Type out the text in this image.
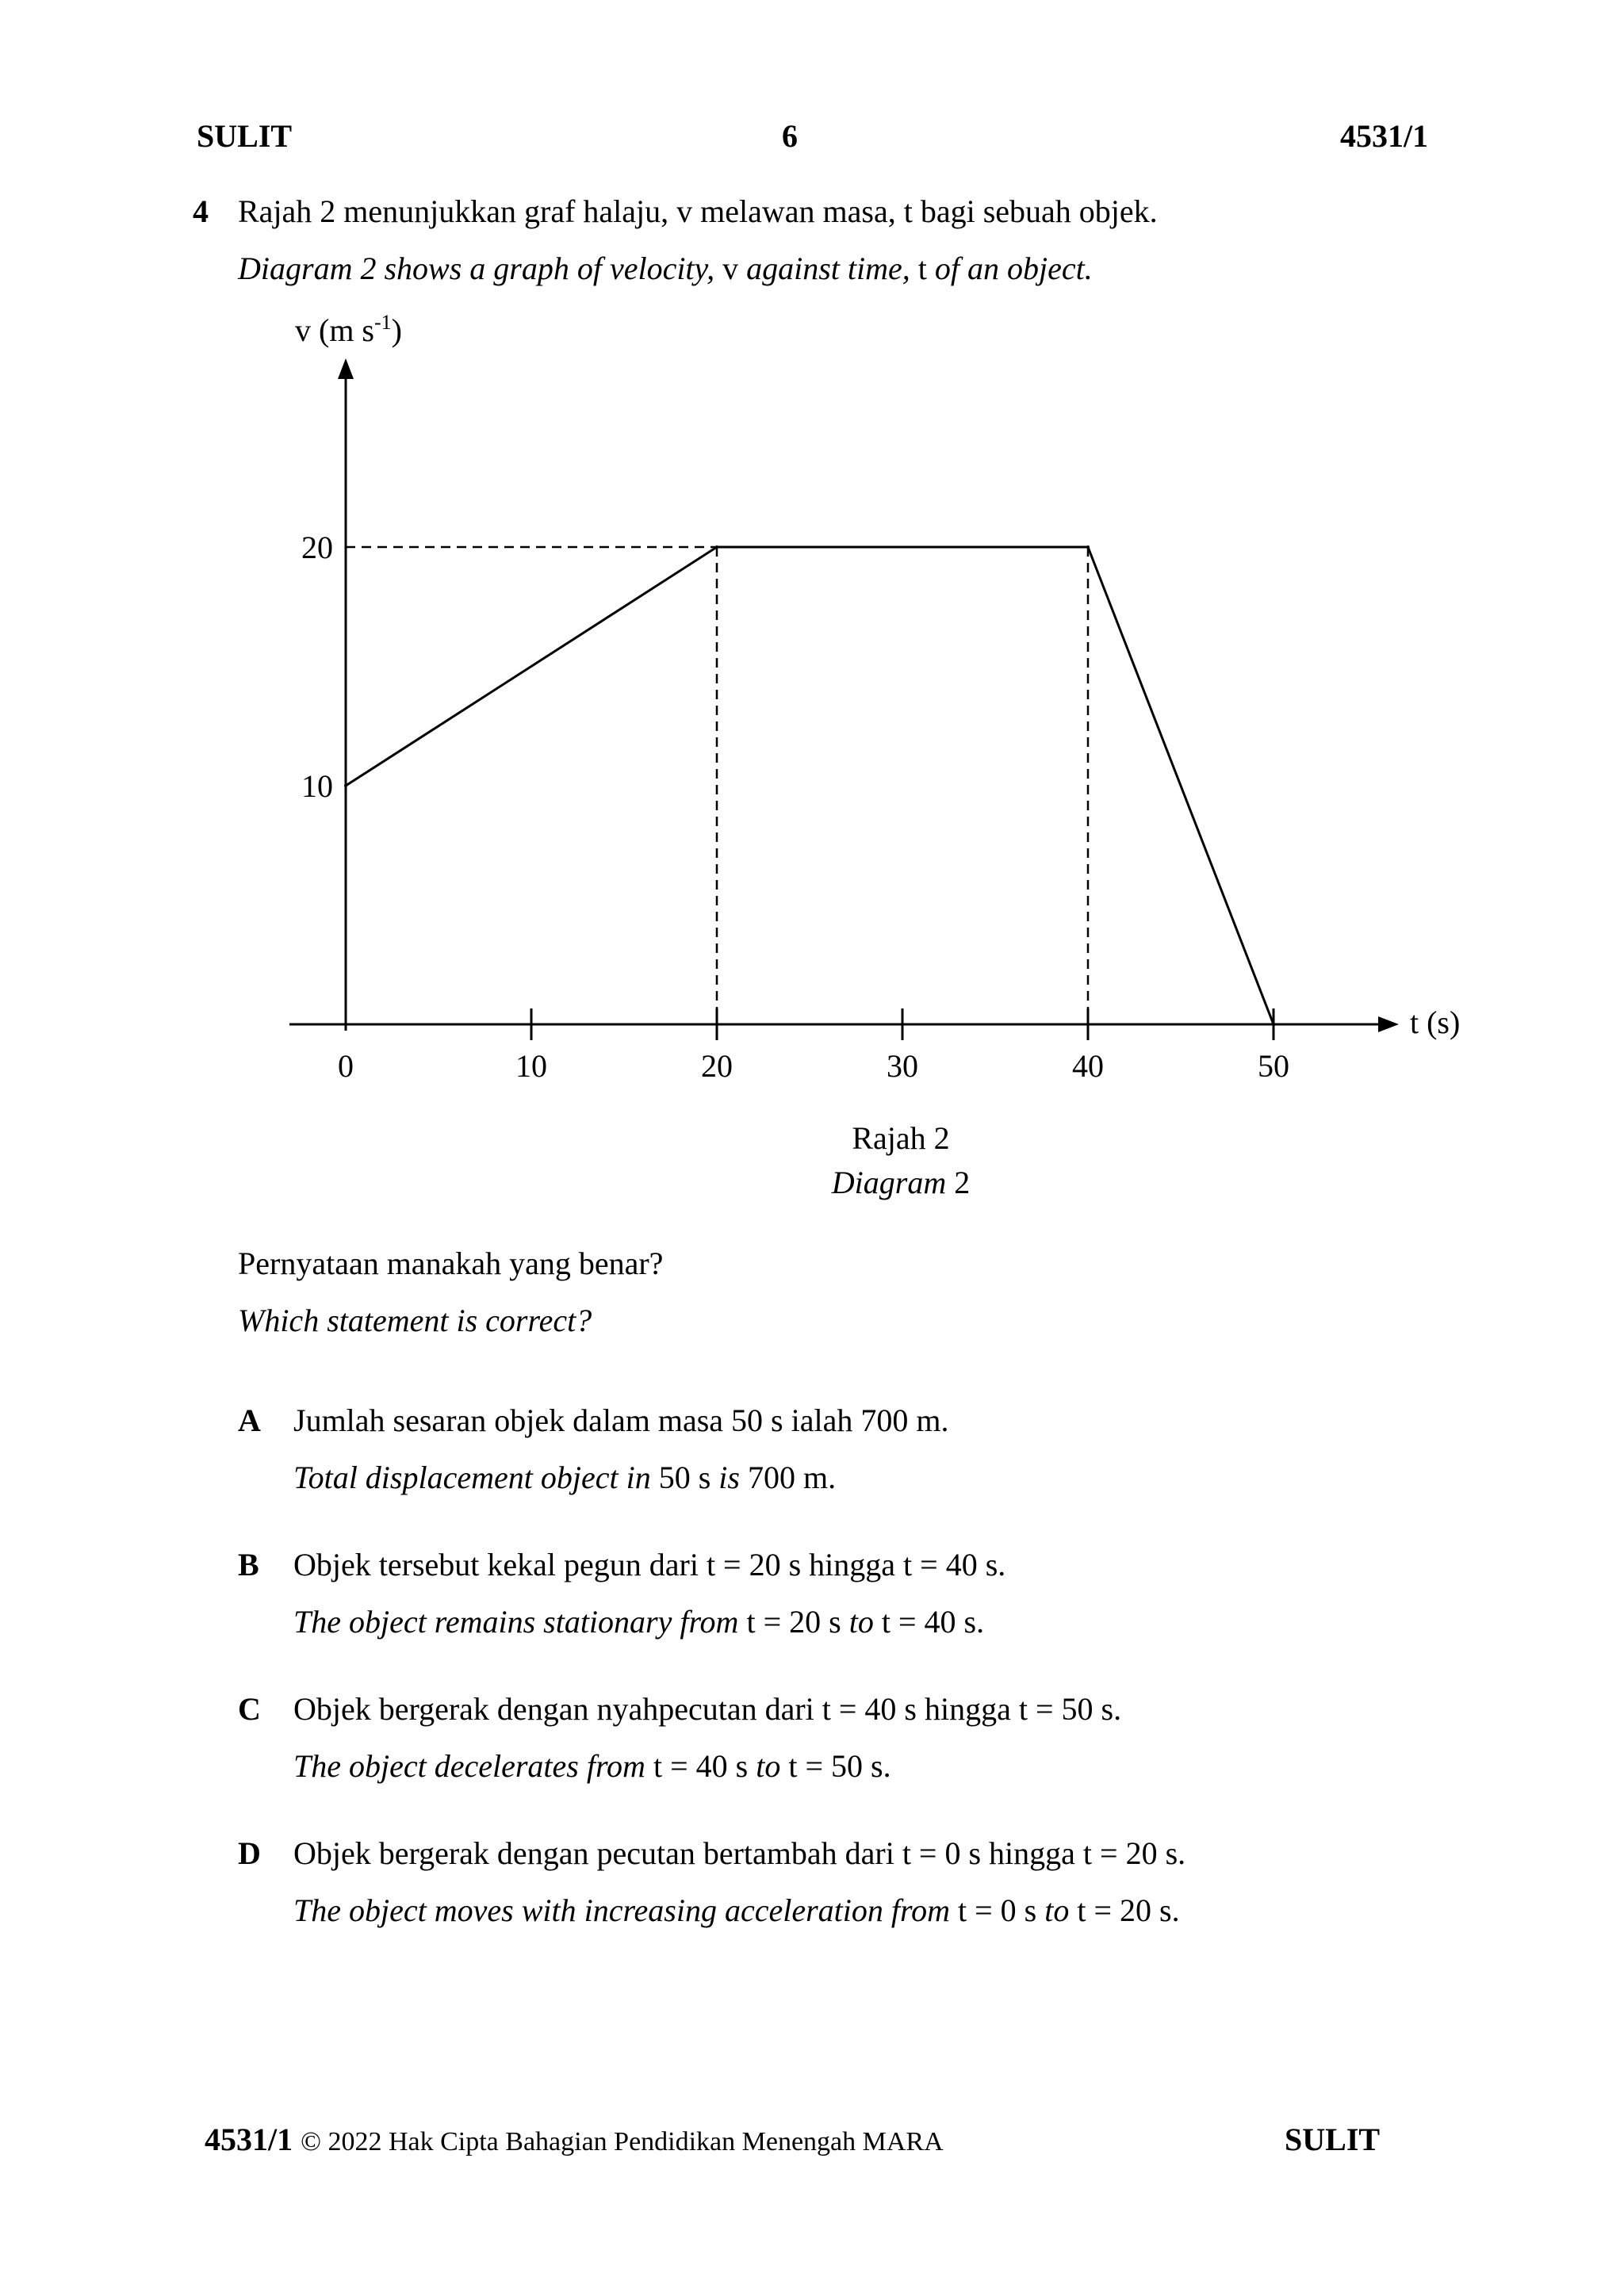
SULIT	6	4531/1
4 Rajah 2 menunjukkan graf halaju, v melawan masa, t bagi sebuah objek.
Diagram 2 shows a graph of velocity, v against time, t of an object.
0	10	20	30	40	50
10
20
v (m $s^{-1}$)
t (s)
Rajah 2
Diagram 2
Pernyataan manakah yang benar?
Which statement is correct?
A Jumlah sesaran objek dalam masa 50 s ialah 700 m.
Total displacement object in 50 s is 700 m.
B Objek tersebut kekal pegun dari t = 20 s hingga t = 40 s.
The object remains stationary from t = 20 s to t = 40 s.
C Objek bergerak dengan nyahpecutan dari t = 40 s hingga t = 50 s.
The object decelerates from t = 40 s to t = 50 s.
D Objek bergerak dengan pecutan bertambah dari t = 0 s hingga t = 20 s.
The object moves with increasing acceleration from t = 0 s to t = 20 s.
4531/1 © 2022 Hak Cipta Bahagian Pendidikan Menengah MARA	SULIT
